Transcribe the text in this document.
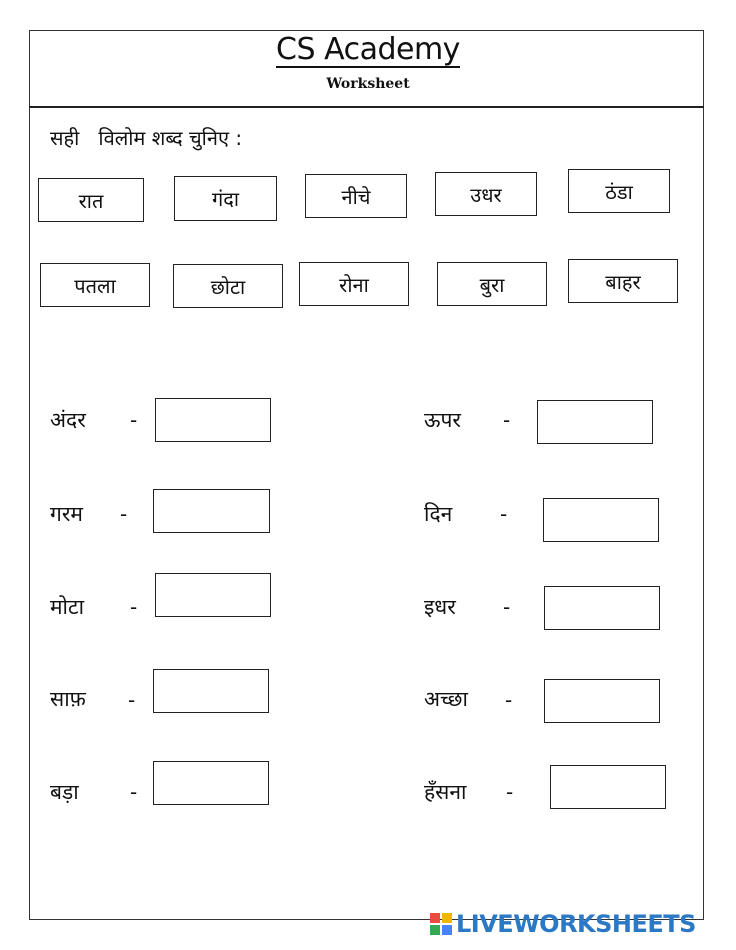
CS Academy
Worksheet
सही   विलोम शब्द चुनिए :
रात	गंदा	नीचे	उधर	ठंडा
पतला	छोटा	रोना	बुरा	बाहर
अंदर -
गरम -
मोटा -
साफ़ -
बड़ा	-
ऊपर -
दिन -
इधर -
अच्छा -
हँसना -
LIVEWORKSHEETS
